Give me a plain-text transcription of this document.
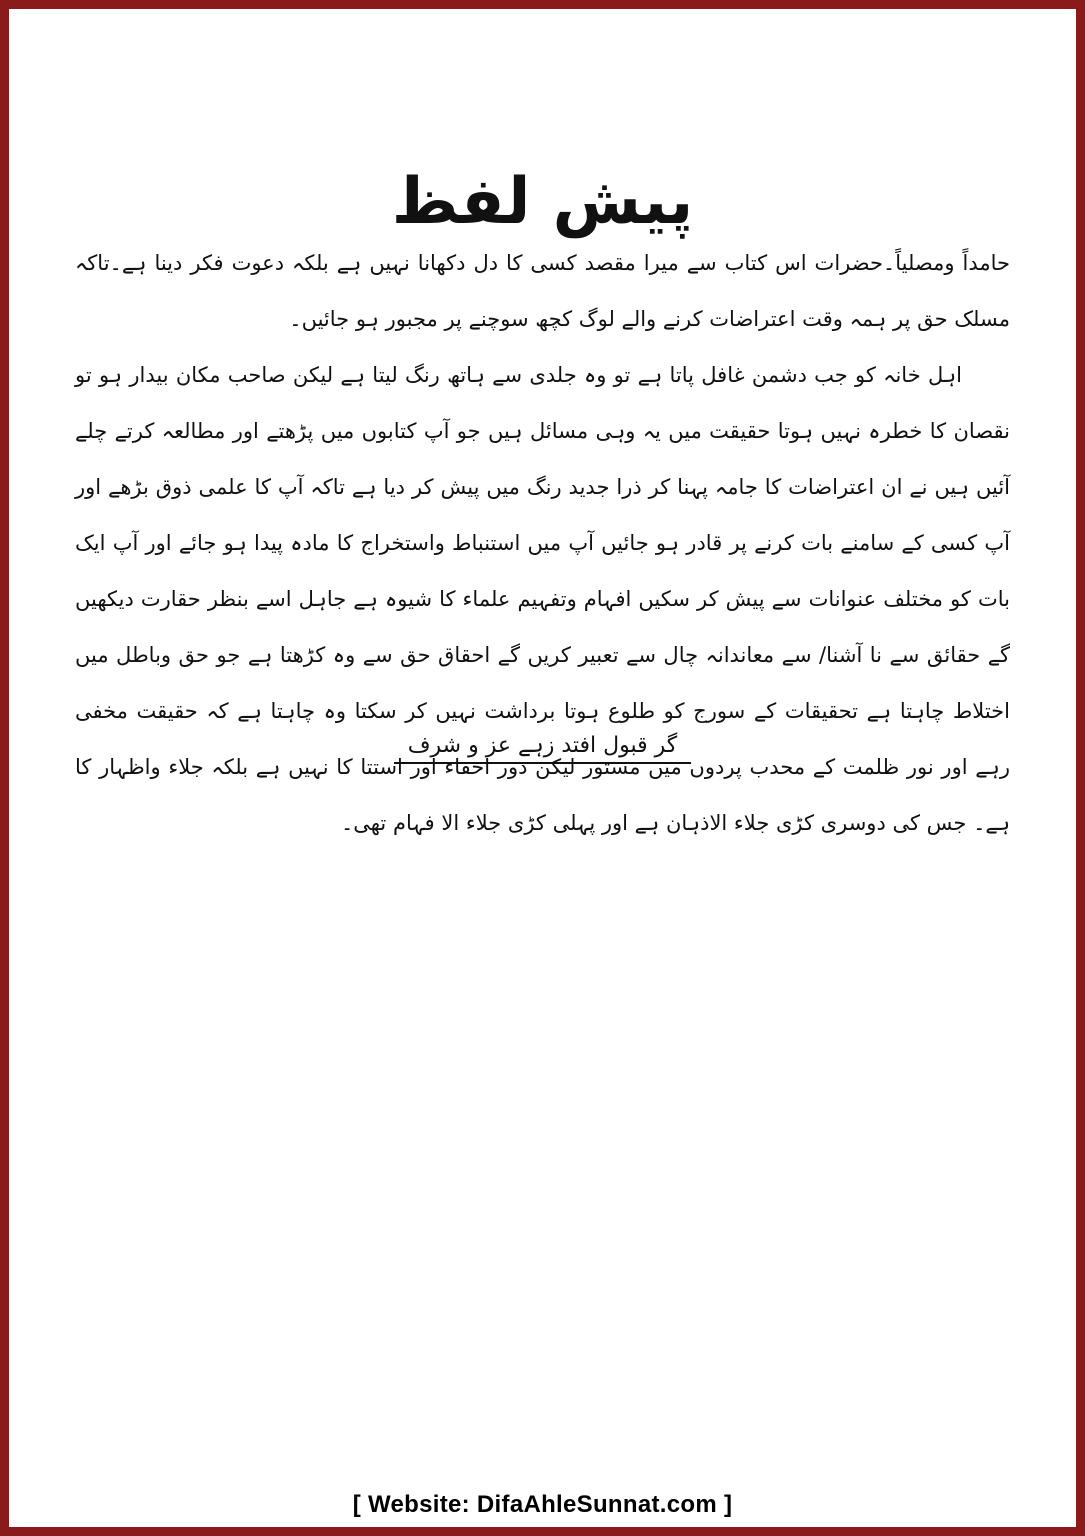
پیش لفظ

حامداً ومصلیاً۔حضرات اس کتاب سے میرا مقصد کسی کا دل دکھانا نہیں ہے بلکہ دعوت فکر دینا ہے۔تاکہ مسلک حق پر ہمہ وقت اعتراضات کرنے والے لوگ کچھ سوچنے پر مجبور ہو جائیں۔

اہل خانہ کو جب دشمن غافل پاتا ہے تو وہ جلدی سے ہاتھ رنگ لیتا ہے لیکن صاحب مکان بیدار ہو تو نقصان کا خطرہ نہیں ہوتا حقیقت میں یہ وہی مسائل ہیں جو آپ کتابوں میں پڑھتے اور مطالعہ کرتے چلے آئیں ہیں نے ان اعتراضات کا جامہ پہنا کر ذرا جدید رنگ میں پیش کر دیا ہے تاکہ آپ کا علمی ذوق بڑھے اور آپ کسی کے سامنے بات کرنے پر قادر ہو جائیں آپ میں استنباط واستخراج کا مادہ پیدا ہو جائے اور آپ ایک بات کو مختلف عنوانات سے پیش کر سکیں افہام وتفہیم علماء کا شیوہ ہے جاہل اسے بنظر حقارت دیکھیں گے حقائق سے نا آشنا/ سے معاندانہ چال سے تعبیر کریں گے احقاق حق سے وہ کڑھتا ہے جو حق وباطل میں اختلاط چاہتا ہے تحقیقات کے سورج کو طلوع ہوتا برداشت نہیں کر سکتا وہ چاہتا ہے کہ حقیقت مخفی رہے اور نور ظلمت کے محدب پردوں میں مستور لیکن دور اخفاء اور استتا کا نہیں ہے بلکہ جلاء واظہار کا ہے۔ جس کی دوسری کڑی جلاء الاذہان ہے اور پہلی کڑی جلاء الا فہام تھی۔

گر قبول افتد زہے عز و شرف
[ Website: DifaAhleSunnat.com ]
